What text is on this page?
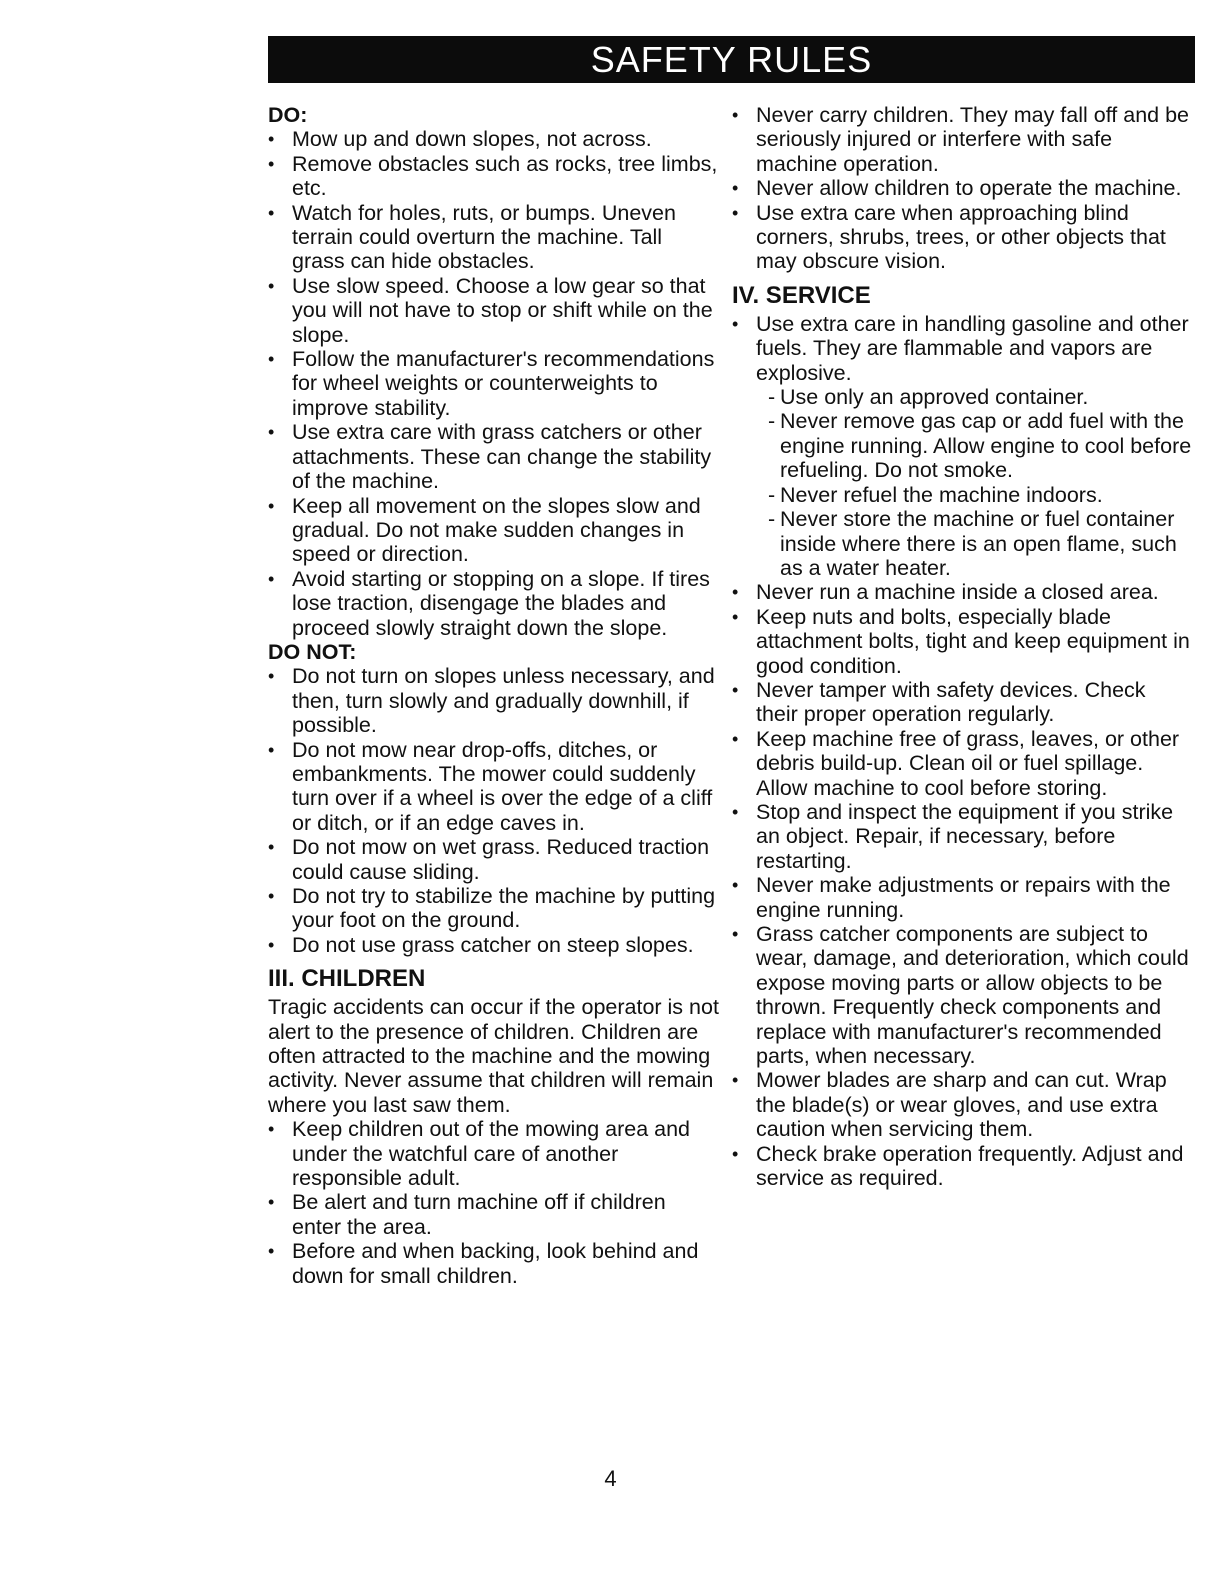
SAFETY RULES
DO:
• Mow up and down slopes, not across.
• Remove obstacles such as rocks, tree limbs, etc.
• Watch for holes, ruts, or bumps. Uneven terrain could overturn the machine. Tall grass can hide obstacles.
• Use slow speed. Choose a low gear so that you will not have to stop or shift while on the slope.
• Follow the manufacturer's recommendations for wheel weights or counterweights to improve stability.
• Use extra care with grass catchers or other attachments. These can change the stability of the machine.
• Keep all movement on the slopes slow and gradual. Do not make sudden changes in speed or direction.
• Avoid starting or stopping on a slope. If tires lose traction, disengage the blades and proceed slowly straight down the slope.
DO NOT:
• Do not turn on slopes unless necessary, and then, turn slowly and gradually downhill, if possible.
• Do not mow near drop-offs, ditches, or embankments. The mower could suddenly turn over if a wheel is over the edge of a cliff or ditch, or if an edge caves in.
• Do not mow on wet grass. Reduced traction could cause sliding.
• Do not try to stabilize the machine by putting your foot on the ground.
• Do not use grass catcher on steep slopes.
III. CHILDREN

Tragic accidents can occur if the operator is not alert to the presence of children. Children are often attracted to the machine and the mowing activity. Never assume that children will remain where you last saw them.

• Keep children out of the mowing area and under the watchful care of another responsible adult.
• Be alert and turn machine off if children enter the area.
• Before and when backing, look behind and down for small children.
• Never carry children. They may fall off and be seriously injured or interfere with safe machine operation.
• Never allow children to operate the machine.
• Use extra care when approaching blind corners, shrubs, trees, or other objects that may obscure vision.
IV. SERVICE
• Use extra care in handling gasoline and other fuels. They are flammable and vapors are explosive.
- Use only an approved container.
- Never remove gas cap or add fuel with the engine running. Allow engine to cool before refueling. Do not smoke.
- Never refuel the machine indoors.
- Never store the machine or fuel container inside where there is an open flame, such as a water heater.
• Never run a machine inside a closed area.
• Keep nuts and bolts, especially blade attachment bolts, tight and keep equipment in good condition.
• Never tamper with safety devices. Check their proper operation regularly.
• Keep machine free of grass, leaves, or other debris build-up. Clean oil or fuel spillage. Allow machine to cool before storing.
• Stop and inspect the equipment if you strike an object. Repair, if necessary, before restarting.
• Never make adjustments or repairs with the engine running.
• Grass catcher components are subject to wear, damage, and deterioration, which could expose moving parts or allow objects to be thrown. Frequently check components and replace with manufacturer's recommended parts, when necessary.
• Mower blades are sharp and can cut. Wrap the blade(s) or wear gloves, and use extra caution when servicing them.
• Check brake operation frequently. Adjust and service as required.
4
